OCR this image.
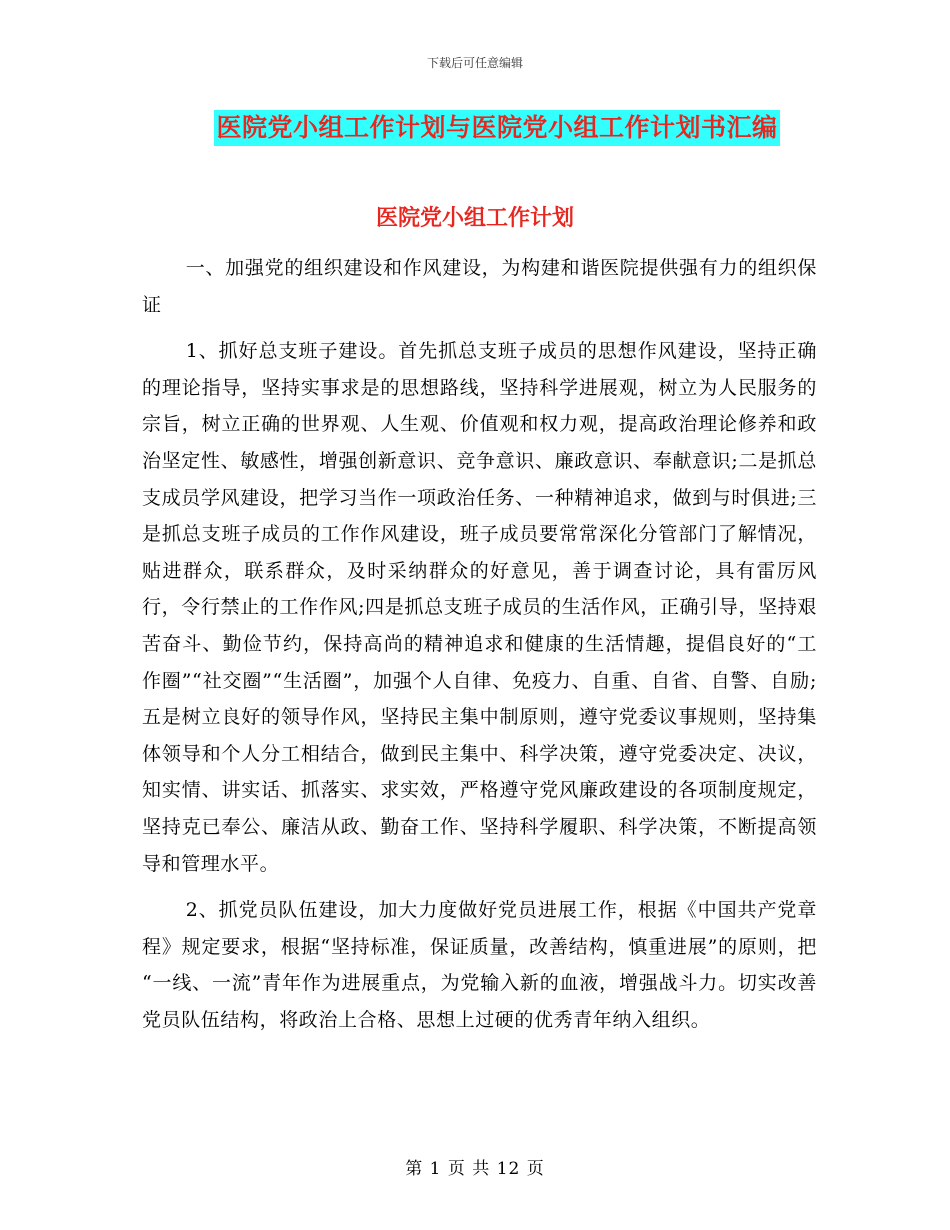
下载后可任意编辑
医院党小组工作计划与医院党小组工作计划书汇编
医院党小组工作计划

一、加强党的组织建设和作风建设，为构建和谐医院提供强有力的组织保证

1、抓好总支班子建设。首先抓总支班子成员的思想作风建设，坚持正确的理论指导，坚持实事求是的思想路线，坚持科学进展观，树立为人民服务的宗旨，树立正确的世界观、人生观、价值观和权力观，提高政治理论修养和政治坚定性、敏感性，增强创新意识、竞争意识、廉政意识、奉献意识;二是抓总支成员学风建设，把学习当作一项政治任务、一种精神追求，做到与时俱进;三是抓总支班子成员的工作作风建设，班子成员要常常深化分管部门了解情况，贴进群众，联系群众，及时采纳群众的好意见，善于调查讨论，具有雷厉风行，令行禁止的工作作风;四是抓总支班子成员的生活作风，正确引导，坚持艰苦奋斗、勤俭节约，保持高尚的精神追求和健康的生活情趣，提倡良好的“工作圈”“社交圈”“生活圈”，加强个人自律、免疫力、自重、自省、自警、自励;五是树立良好的领导作风，坚持民主集中制原则，遵守党委议事规则，坚持集体领导和个人分工相结合，做到民主集中、科学决策，遵守党委决定、决议，知实情、讲实话、抓落实、求实效，严格遵守党风廉政建设的各项制度规定，坚持克已奉公、廉洁从政、勤奋工作、坚持科学履职、科学决策，不断提高领导和管理水平。

2、抓党员队伍建设，加大力度做好党员进展工作，根据《中国共产党章程》规定要求，根据“坚持标准，保证质量，改善结构，慎重进展”的原则，把 “一线、一流”青年作为进展重点，为党输入新的血液，增强战斗力。切实改善党员队伍结构，将政治上合格、思想上过硬的优秀青年纳入组织。

第 1 页 共 12 页
